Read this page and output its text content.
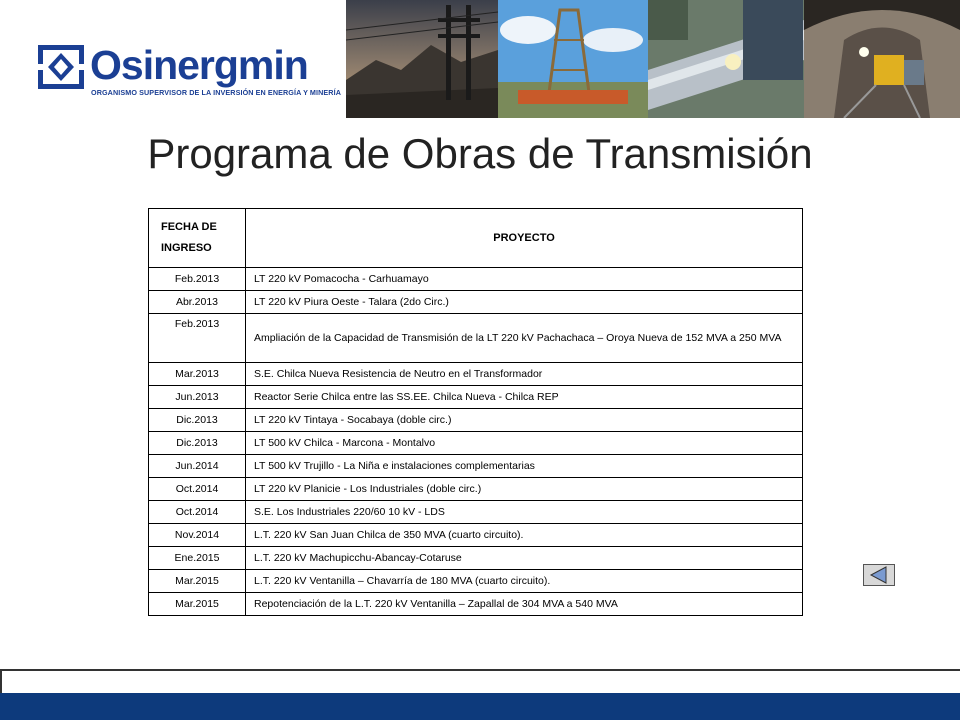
Osinergmin
ORGANISMO SUPERVISOR DE LA INVERSIÓN EN ENERGÍA Y MINERÍA
Programa de Obras de Transmisión
FECHA DE
INGRESO	PROYECTO
Feb.2013	LT 220 kV Pomacocha - Carhuamayo
Abr.2013	LT 220 kV Piura Oeste - Talara (2do Circ.)
Feb.2013	Ampliación de la Capacidad de Transmisión de la LT 220 kV Pachachaca – Oroya Nueva de 152 MVA a 250 MVA
Mar.2013	S.E. Chilca Nueva Resistencia de Neutro en el Transformador
Jun.2013	Reactor Serie Chilca entre las SS.EE. Chilca Nueva - Chilca REP
Dic.2013	LT 220 kV Tintaya - Socabaya (doble circ.)
Dic.2013	LT 500 kV Chilca - Marcona - Montalvo
Jun.2014	LT 500 kV Trujillo - La Niña e instalaciones complementarias
Oct.2014	LT 220 kV Planicie - Los Industriales (doble circ.)
Oct.2014	S.E. Los Industriales 220/60 10 kV - LDS
Nov.2014	L.T. 220 kV San Juan Chilca de 350 MVA (cuarto circuito).
Ene.2015	L.T. 220 kV Machupicchu-Abancay-Cotaruse
Mar.2015	L.T. 220 kV Ventanilla – Chavarría de 180 MVA (cuarto circuito).
Mar.2015	Repotenciación de la L.T. 220 kV Ventanilla – Zapallal de 304 MVA a 540 MVA
